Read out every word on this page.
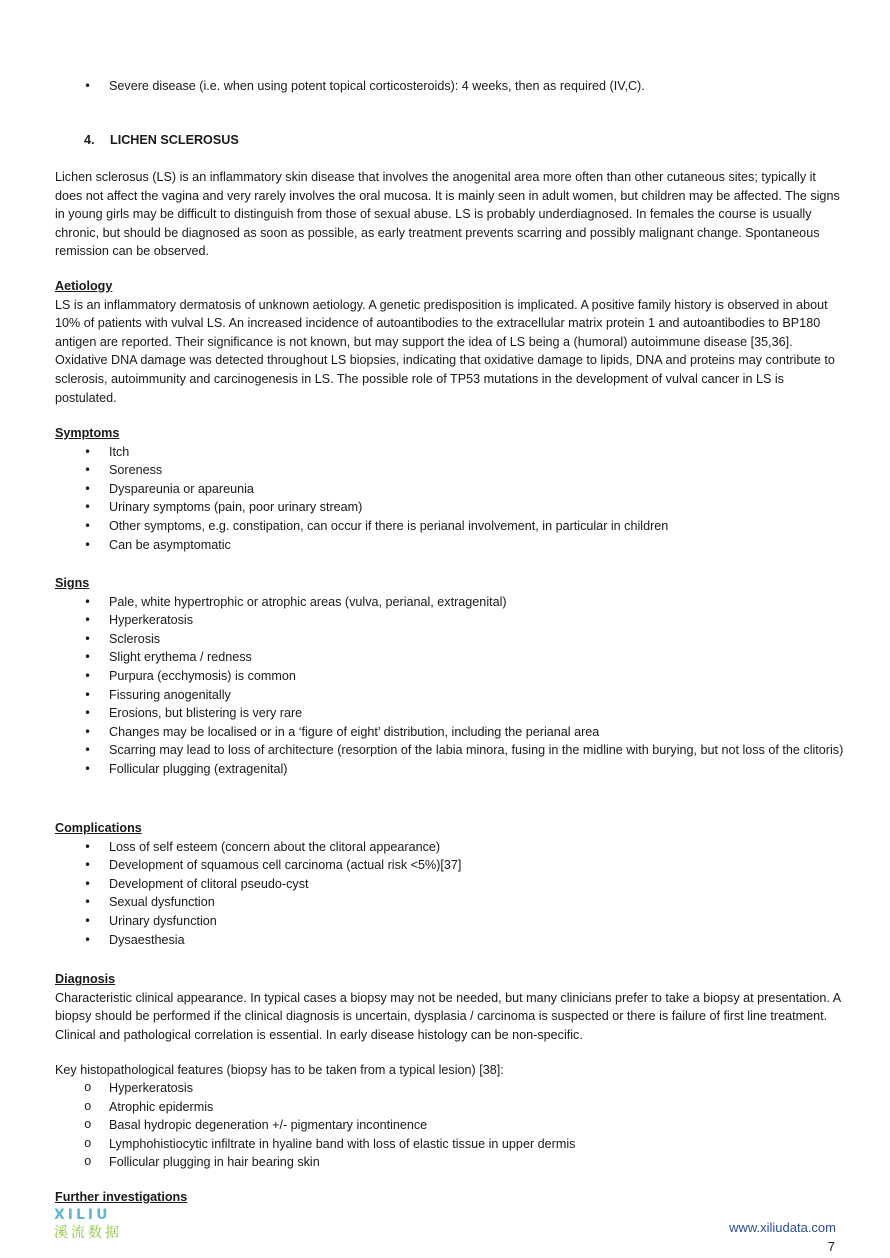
• Severe disease (i.e. when using potent topical corticosteroids): 4 weeks, then as required (IV,C).
4. LICHEN SCLEROSUS

Lichen sclerosus (LS) is an inflammatory skin disease that involves the anogenital area more often than other cutaneous sites; typically it does not affect the vagina and very rarely involves the oral mucosa. It is mainly seen in adult women, but children may be affected. The signs in young girls may be difficult to distinguish from those of sexual abuse. LS is probably underdiagnosed. In females the course is usually chronic, but should be diagnosed as soon as possible, as early treatment prevents scarring and possibly malignant change. Spontaneous remission can be observed.

Aetiology

LS is an inflammatory dermatosis of unknown aetiology. A genetic predisposition is implicated. A positive family history is observed in about 10% of patients with vulval LS. An increased incidence of autoantibodies to the extracellular matrix protein 1 and autoantibodies to BP180 antigen are reported. Their significance is not known, but may support the idea of LS being a (humoral) autoimmune disease [35,36]. Oxidative DNA damage was detected throughout LS biopsies, indicating that oxidative damage to lipids, DNA and proteins may contribute to sclerosis, autoimmunity and carcinogenesis in LS. The possible role of TP53 mutations in the development of vulval cancer in LS is postulated.

Symptoms

• Itch
• Soreness
• Dyspareunia or apareunia
• Urinary symptoms (pain, poor urinary stream)
• Other symptoms, e.g. constipation, can occur if there is perianal involvement, in particular in children
• Can be asymptomatic

Signs

• Pale, white hypertrophic or atrophic areas (vulva, perianal, extragenital)
• Hyperkeratosis
• Sclerosis
• Slight erythema / redness
• Purpura (ecchymosis) is common
• Fissuring anogenitally
• Erosions, but blistering is very rare
• Changes may be localised or in a ‘figure of eight’ distribution, including the perianal area
• Scarring may lead to loss of architecture (resorption of the labia minora, fusing in the midline with burying, but not loss of the clitoris)
• Follicular plugging (extragenital)

Complications

• Loss of self esteem (concern about the clitoral appearance)
• Development of squamous cell carcinoma (actual risk <5%)[37]
• Development of clitoral pseudo-cyst
• Sexual dysfunction
• Urinary dysfunction
• Dysaesthesia

Diagnosis

Characteristic clinical appearance. In typical cases a biopsy may not be needed, but many clinicians prefer to take a biopsy at presentation. A biopsy should be performed if the clinical diagnosis is uncertain, dysplasia / carcinoma is suspected or there is failure of first line treatment. Clinical and pathological correlation is essential. In early disease histology can be non-specific.

Key histopathological features (biopsy has to be taken from a typical lesion) [38]:

o Hyperkeratosis
o Atrophic epidermis
o Basal hydropic degeneration +/- pigmentary incontinence
o Lymphohistiocytic infiltrate in hyaline band with loss of elastic tissue in upper dermis
o Follicular plugging in hair bearing skin

Further investigations

XILIU
溪流数据	www.xiliudata.com
7
